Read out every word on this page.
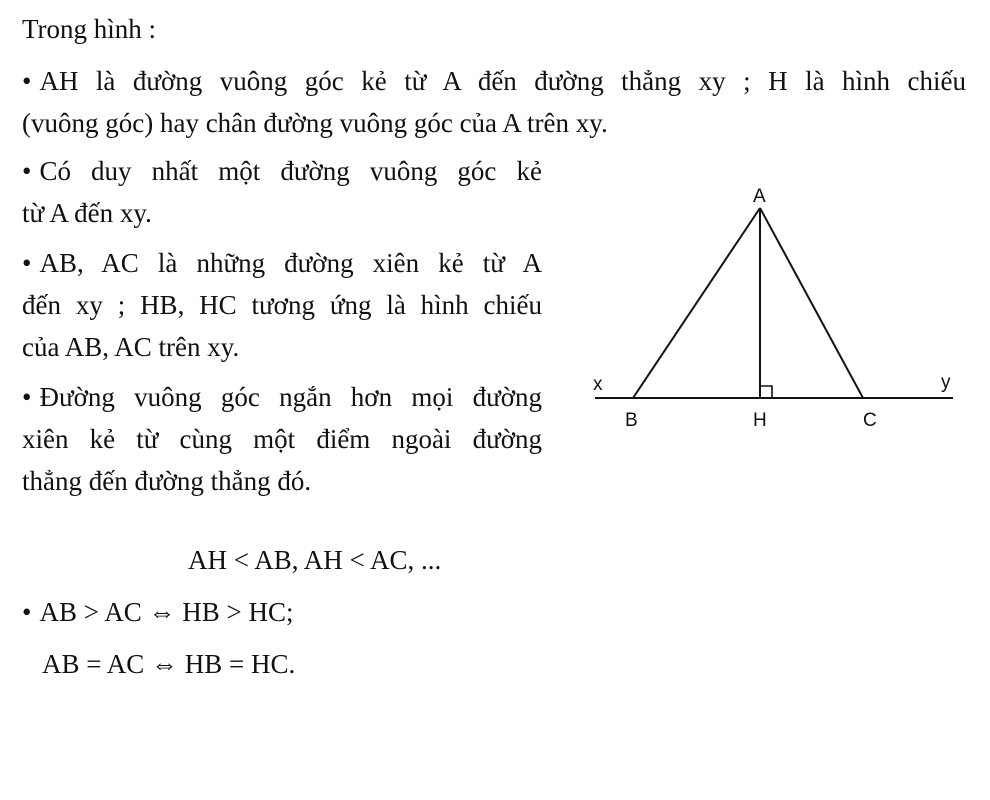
Trong hình :

• AH là đường vuông góc kẻ từ A đến đường thẳng xy ; H là hình chiếu
(vuông góc) hay chân đường vuông góc của A trên xy.
• Có duy nhất một đường vuông góc kẻ
từ A đến xy.
• AB, AC là những đường xiên kẻ từ A
đến xy ; HB, HC tương ứng là hình chiếu
của AB, AC trên xy.
• Đường vuông góc ngắn hơn mọi đường
xiên kẻ từ cùng một điểm ngoài đường
thẳng đến đường thẳng đó.

AH < AB, AH < AC, ...

• AB > AC ⇔ HB > HC;

AB = AC ⇔ HB = HC.

A
B	H	C
x	y
